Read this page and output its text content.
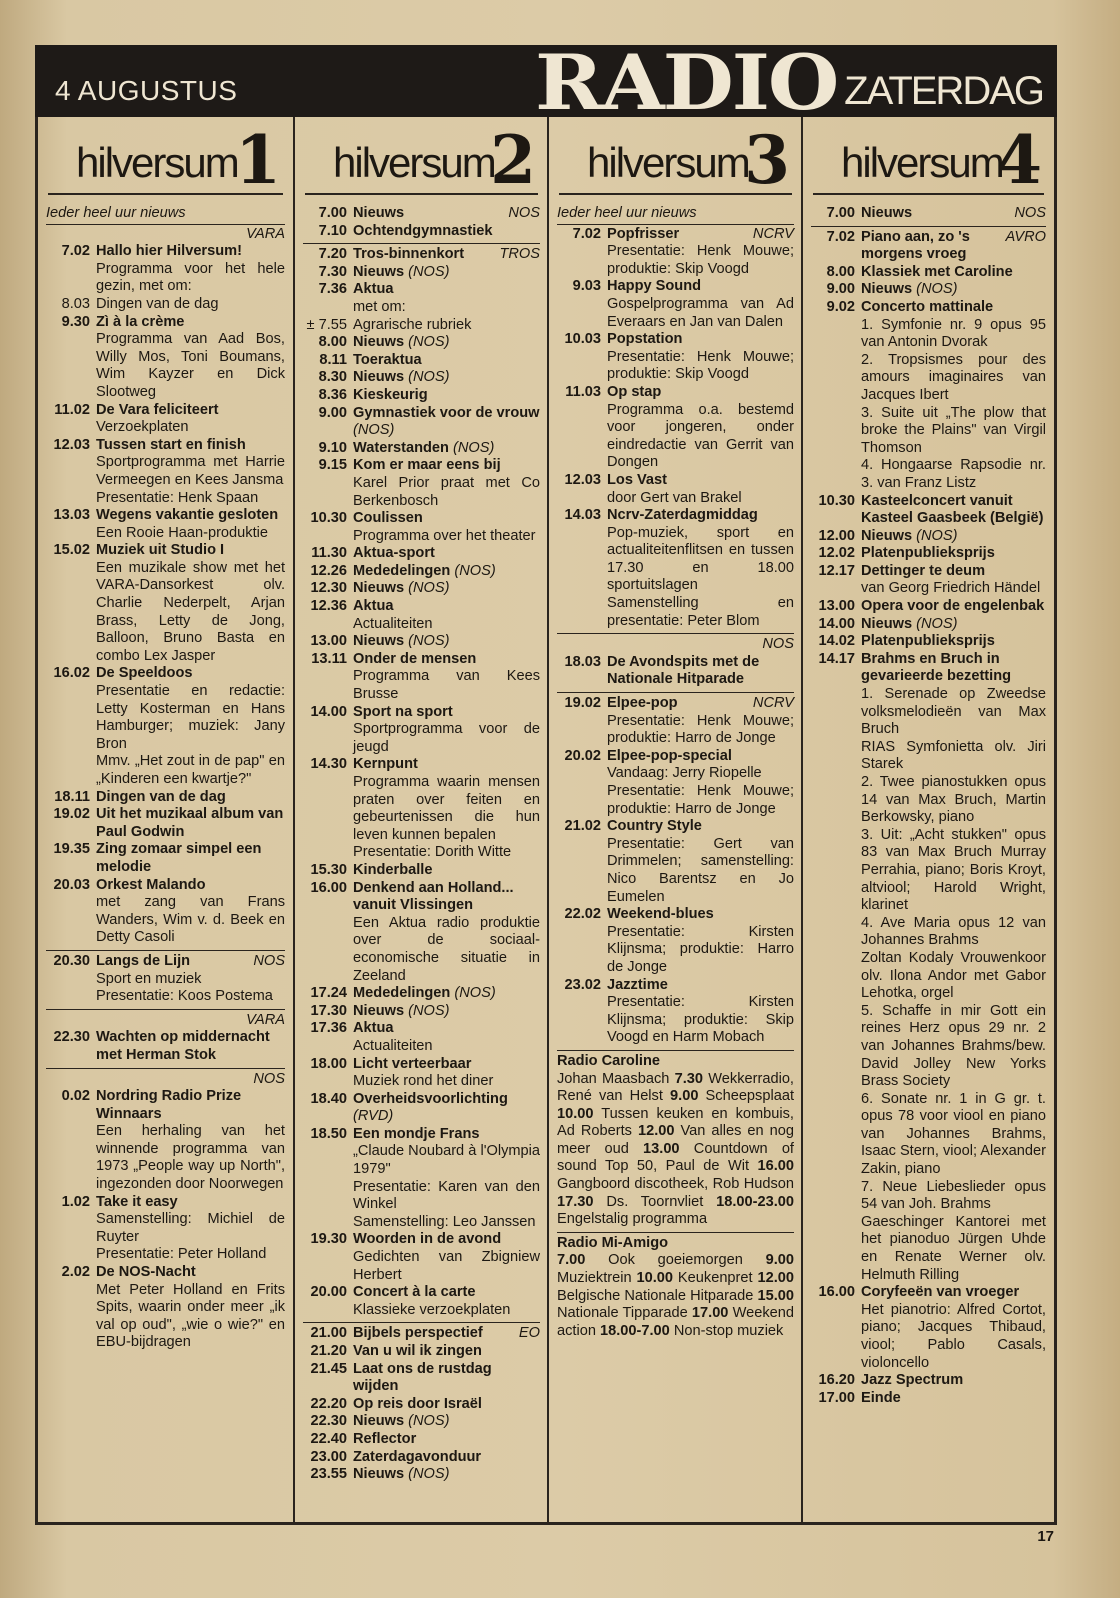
4 AUGUSTUS	RADIO ZATERDAG
hilversum
1
Ieder heel uur nieuws
VARA
7.02 Hallo hier Hilversum!
Programma voor het hele gezin, met om:
8.03 Dingen van de dag
9.30 Zì à la crème
Programma van Aad Bos, Willy Mos, Toni Boumans, Wim Kayzer en Dick Slootweg
11.02 De Vara feliciteert
Verzoekplaten
12.03 Tussen start en finish
Sportprogramma met Harrie Vermeegen en Kees Jansma
Presentatie: Henk Spaan
13.03 Wegens vakantie gesloten
Een Rooie Haan-produktie
15.02 Muziek uit Studio I
Een muzikale show met het VARA-Dansorkest olv. Charlie Nederpelt, Arjan Brass, Letty de Jong, Balloon, Bruno Basta en combo Lex Jasper
16.02 De Speeldoos
Presentatie en redactie: Letty Kosterman en Hans Hamburger; muziek: Jany Bron
Mmv. „Het zout in de pap" en „Kinderen een kwartje?"
18.11 Dingen van de dag
19.02 Uit het muzikaal album van Paul Godwin
19.35 Zing zomaar simpel een melodie
20.03 Orkest Malando
met zang van Frans Wanders, Wim v. d. Beek en Detty Casoli
20.30 Langs de Lijn	NOS
Sport en muziek
Presentatie: Koos Postema
VARA
22.30 Wachten op middernacht met Herman Stok
NOS
0.02 Nordring Radio Prize Winnaars
Een herhaling van het winnende programma van 1973 „People way up North", ingezonden door Noorwegen
1.02 Take it easy
Samenstelling: Michiel de Ruyter
Presentatie: Peter Holland
2.02 De NOS-Nacht
Met Peter Holland en Frits Spits, waarin onder meer „ik val op oud", „wie o wie?" en EBU-bijdragen
hilversum
2
7.00 Nieuws	NOS
7.10 Ochtendgymnastiek
7.20 Tros-binnenkort TROS
7.30 Nieuws (NOS)
7.36 Aktua
met om:
± 7.55 Agrarische rubriek
8.00 Nieuws (NOS)
8.11 Toeraktua
8.30 Nieuws (NOS)
8.36 Kieskeurig
9.00 Gymnastiek voor de vrouw (NOS)
9.10 Waterstanden (NOS)
9.15 Kom er maar eens bij
Karel Prior praat met Co Berkenbosch
10.30 Coulissen
Programma over het theater
11.30 Aktua-sport
12.26 Mededelingen (NOS)
12.30 Nieuws (NOS)
12.36 Aktua
Actualiteiten
13.00 Nieuws (NOS)
13.11 Onder de mensen
Programma van Kees Brusse
14.00 Sport na sport
Sportprogramma voor de jeugd
14.30 Kernpunt
Programma waarin mensen praten over feiten en gebeurtenissen die hun leven kunnen bepalen
Presentatie: Dorith Witte
15.30 Kinderballe
16.00 Denkend aan Holland... vanuit Vlissingen
Een Aktua radio produktie over de sociaal-economische situatie in Zeeland
17.24 Mededelingen (NOS)
17.30 Nieuws (NOS)
17.36 Aktua
Actualiteiten
18.00 Licht verteerbaar
Muziek rond het diner
18.40 Overheidsvoorlichting (RVD)
18.50 Een mondje Frans
„Claude Noubard à l'Olympia 1979"
Presentatie: Karen van den Winkel
Samenstelling: Leo Janssen
19.30 Woorden in de avond
Gedichten van Zbigniew Herbert
20.00 Concert à la carte
Klassieke verzoekplaten
21.00 Bijbels perspectief EO
21.20 Van u wil ik zingen
21.45 Laat ons de rustdag wijden
22.20 Op reis door Israël
22.30 Nieuws (NOS)
22.40 Reflector
23.00 Zaterdagavonduur
23.55 Nieuws (NOS)
hilversum
3
Ieder heel uur nieuws
7.02 Popfrisser	NCRV
Presentatie: Henk Mouwe; produktie: Skip Voogd
9.03 Happy Sound
Gospelprogramma van Ad Everaars en Jan van Dalen
10.03 Popstation
Presentatie: Henk Mouwe; produktie: Skip Voogd
11.03 Op stap
Programma o.a. bestemd voor jongeren, onder eindredactie van Gerrit van Dongen
12.03 Los Vast
door Gert van Brakel
14.03 Ncrv-Zaterdagmiddag
Pop-muziek, sport en actualiteitenflitsen en tussen 17.30 en 18.00 sportuitslagen
Samenstelling en presentatie: Peter Blom
NOS
18.03 De Avondspits met de Nationale Hitparade
19.02 Elpee-pop	NCRV
Presentatie: Henk Mouwe; produktie: Harro de Jonge
20.02 Elpee-pop-special
Vandaag: Jerry Riopelle
Presentatie: Henk Mouwe; produktie: Harro de Jonge
21.02 Country Style
Presentatie: Gert van Drimmelen; samenstelling: Nico Barentsz en Jo Eumelen
22.02 Weekend-blues
Presentatie: Kirsten Klijnsma; produktie: Harro de Jonge
23.02 Jazztime
Presentatie: Kirsten Klijnsma; produktie: Skip Voogd en Harm Mobach
Radio Caroline
Johan Maasbach 7.30 Wekkerradio, René van Helst 9.00 Scheepsplaat 10.00 Tussen keuken en kombuis, Ad Roberts 12.00 Van alles en nog meer oud 13.00 Countdown of sound Top 50, Paul de Wit 16.00 Gangboord discotheek, Rob Hudson 17.30 Ds. Toornvliet 18.00-23.00 Engelstalig programma
Radio Mi-Amigo
7.00 Ook goeiemorgen 9.00 Muziektrein 10.00 Keukenpret 12.00 Belgische Nationale Hitparade 15.00 Nationale Tipparade 17.00 Weekend action 18.00-7.00 Non-stop muziek
hilversum
4
7.00 Nieuws	NOS
7.02 Piano aan, zo 's morgens vroeg
AVRO
8.00 Klassiek met Caroline
9.00 Nieuws (NOS)
9.02 Concerto mattinale
1. Symfonie nr. 9 opus 95 van Antonin Dvorak
2. Tropsismes pour des amours imaginaires van Jacques Ibert
3. Suite uit „The plow that broke the Plains" van Virgil Thomson
4. Hongaarse Rapsodie nr. 3. van Franz Listz
10.30 Kasteelconcert vanuit Kasteel Gaasbeek (België)
12.00 Nieuws (NOS)
12.02 Platenpublieksprijs
12.17 Dettinger te deum
van Georg Friedrich Händel
13.00 Opera voor de engelenbak
14.00 Nieuws (NOS)
14.02 Platenpublieksprijs
14.17 Brahms en Bruch in gevarieerde bezetting
1. Serenade op Zweedse volksmelodieën van Max Bruch
RIAS Symfonietta olv. Jiri Starek
2. Twee pianostukken opus 14 van Max Bruch, Martin Berkowsky, piano
3. Uit: „Acht stukken" opus 83 van Max Bruch Murray Perrahia, piano; Boris Kroyt, altviool; Harold Wright, klarinet
4. Ave Maria opus 12 van Johannes Brahms
Zoltan Kodaly Vrouwenkoor olv. Ilona Andor met Gabor Lehotka, orgel
5. Schaffe in mir Gott ein reines Herz opus 29 nr. 2 van Johannes Brahms/bew. David Jolley New Yorks Brass Society
6. Sonate nr. 1 in G gr. t. opus 78 voor viool en piano van Johannes Brahms, Isaac Stern, viool; Alexander Zakin, piano
7. Neue Liebeslieder opus 54 van Joh. Brahms
Gaeschinger Kantorei met het pianoduo Jürgen Uhde en Renate Werner olv. Helmuth Rilling
16.00 Coryfeeën van vroeger
Het pianotrio: Alfred Cortot, piano; Jacques Thibaud, viool; Pablo Casals, violoncello
16.20 Jazz Spectrum
17.00 Einde
17
